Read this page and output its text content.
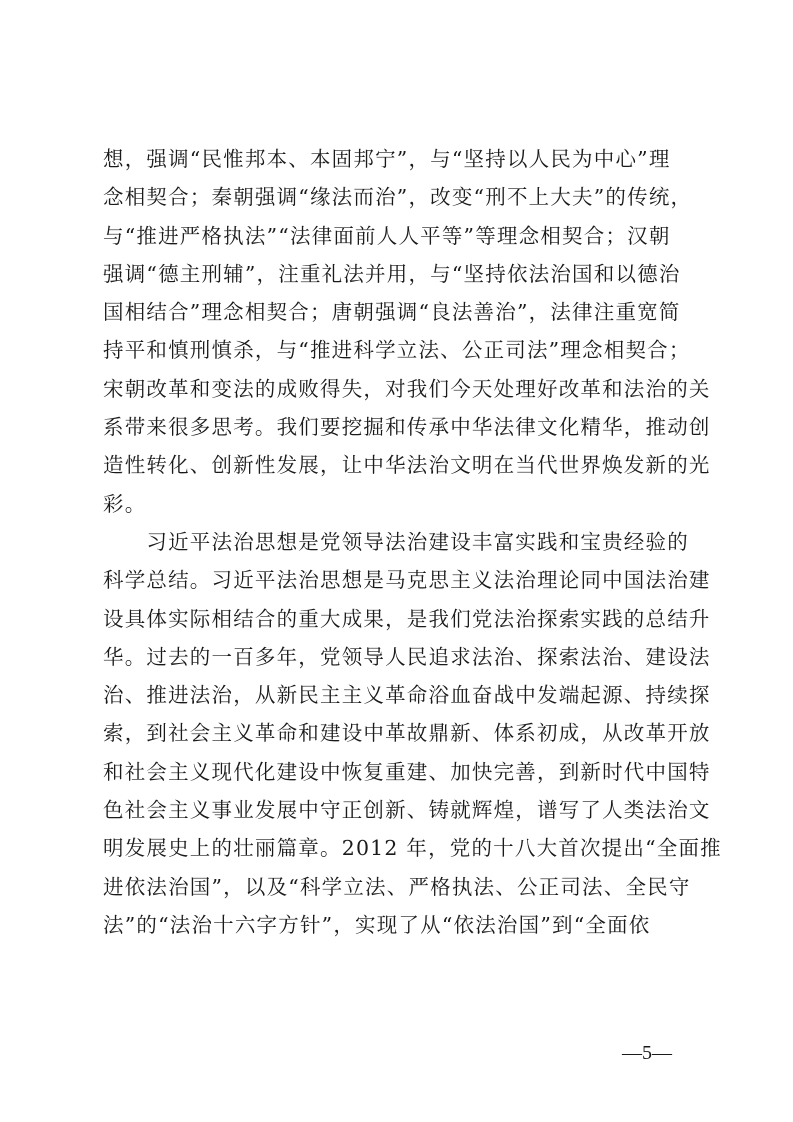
想，强调“民惟邦本、本固邦宁”，与“坚持以人民为中心”理
念相契合；秦朝强调“缘法而治”，改变“刑不上大夫”的传统，
与“推进严格执法”“法律面前人人平等”等理念相契合；汉朝
强调“德主刑辅”，注重礼法并用，与“坚持依法治国和以德治
国相结合”理念相契合；唐朝强调“良法善治”，法律注重宽简
持平和慎刑慎杀，与“推进科学立法、公正司法”理念相契合；
宋朝改革和变法的成败得失，对我们今天处理好改革和法治的关
系带来很多思考。我们要挖掘和传承中华法律文化精华，推动创
造性转化、创新性发展，让中华法治文明在当代世界焕发新的光
彩。
　　习近平法治思想是党领导法治建设丰富实践和宝贵经验的
科学总结。习近平法治思想是马克思主义法治理论同中国法治建
设具体实际相结合的重大成果，是我们党法治探索实践的总结升
华。过去的一百多年，党领导人民追求法治、探索法治、建设法
治、推进法治，从新民主主义革命浴血奋战中发端起源、持续探
索，到社会主义革命和建设中革故鼎新、体系初成，从改革开放
和社会主义现代化建设中恢复重建、加快完善，到新时代中国特
色社会主义事业发展中守正创新、铸就辉煌，谱写了人类法治文
明发展史上的壮丽篇章。2012 年，党的十八大首次提出“全面推
进依法治国”，以及“科学立法、严格执法、公正司法、全民守
法”的“法治十六字方针”，实现了从“依法治国”到“全面依
—5—
